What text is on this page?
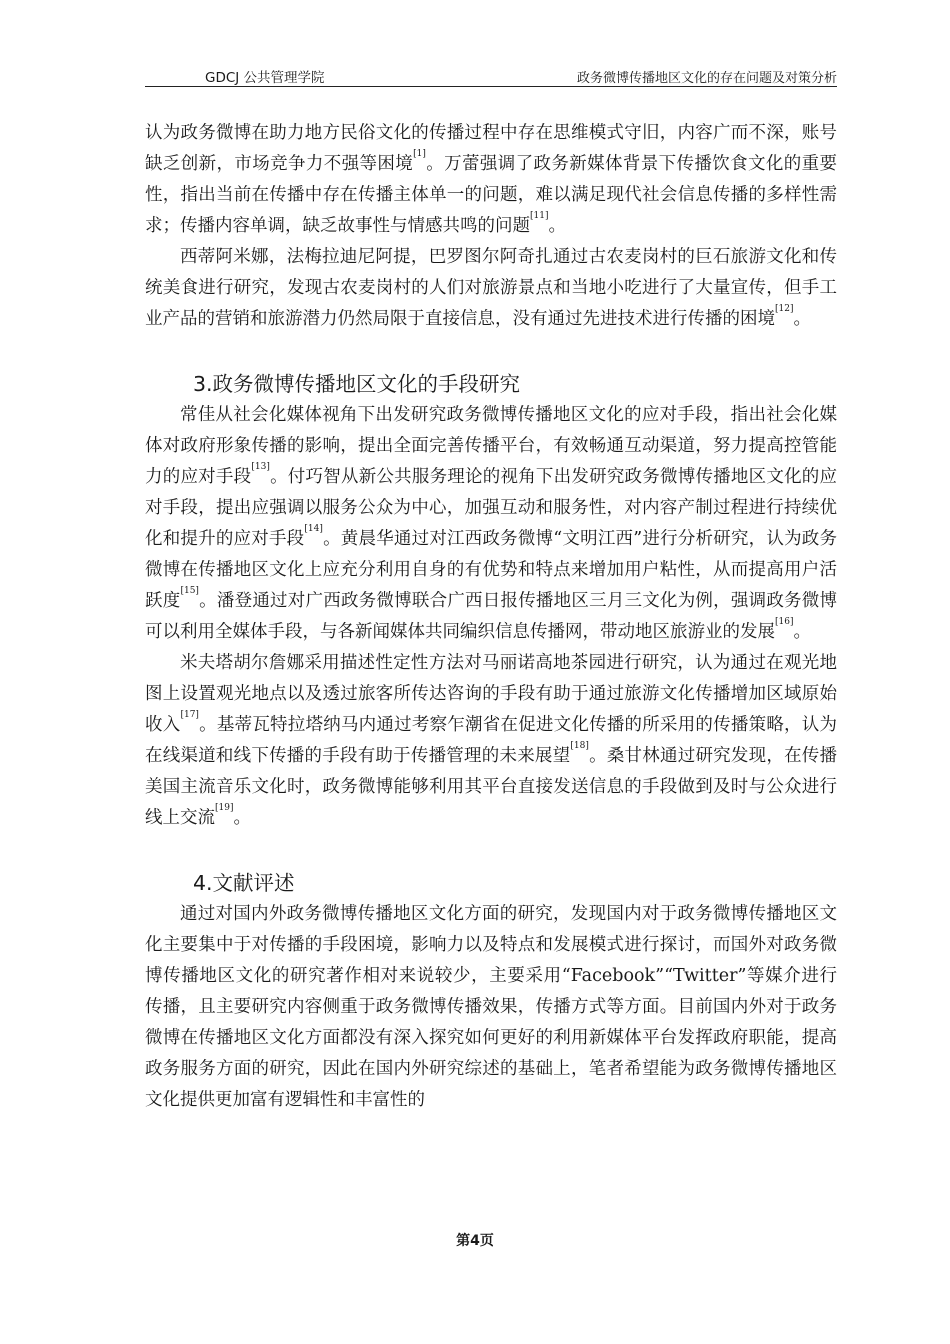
GDCJ 公共管理学院	政务微博传播地区文化的存在问题及对策分析

认为政务微博在助力地方民俗文化的传播过程中存在思维模式守旧，内容广而不深，账号缺乏创新，市场竞争力不强等困境[1]。万蕾强调了政务新媒体背景下传播饮食文化的重要性，指出当前在传播中存在传播主体单一的问题，难以满足现代社会信息传播的多样性需求；传播内容单调，缺乏故事性与情感共鸣的问题[11]。

西蒂阿米娜，法梅拉迪尼阿提，巴罗图尔阿奇扎通过古农麦岗村的巨石旅游文化和传统美食进行研究，发现古农麦岗村的人们对旅游景点和当地小吃进行了大量宣传，但手工业产品的营销和旅游潜力仍然局限于直接信息，没有通过先进技术进行传播的困境[12]。

3.政务微博传播地区文化的手段研究

常佳从社会化媒体视角下出发研究政务微博传播地区文化的应对手段，指出社会化媒体对政府形象传播的影响，提出全面完善传播平台，有效畅通互动渠道，努力提高控管能力的应对手段[13]。付巧智从新公共服务理论的视角下出发研究政务微博传播地区文化的应对手段，提出应强调以服务公众为中心，加强互动和服务性，对内容产制过程进行持续优化和提升的应对手段[14]。黄晨华通过对江西政务微博“文明江西”进行分析研究，认为政务微博在传播地区文化上应充分利用自身的有优势和特点来增加用户粘性，从而提高用户活跃度[15]。潘登通过对广西政务微博联合广西日报传播地区三月三文化为例，强调政务微博可以利用全媒体手段，与各新闻媒体共同编织信息传播网，带动地区旅游业的发展[16]。

米夫塔胡尔詹娜采用描述性定性方法对马丽诺高地茶园进行研究，认为通过在观光地图上设置观光地点以及透过旅客所传达咨询的手段有助于通过旅游文化传播增加区域原始收入[17]。基蒂瓦特拉塔纳马内通过考察乍潮省在促进文化传播的所采用的传播策略，认为在线渠道和线下传播的手段有助于传播管理的未来展望[18]。桑甘林通过研究发现，在传播美国主流音乐文化时，政务微博能够利用其平台直接发送信息的手段做到及时与公众进行线上交流[19]。

4.文献评述

通过对国内外政务微博传播地区文化方面的研究，发现国内对于政务微博传播地区文化主要集中于对传播的手段困境，影响力以及特点和发展模式进行探讨，而国外对政务微博传播地区文化的研究著作相对来说较少，主要采用“Facebook”“Twitter”等媒介进行传播，且主要研究内容侧重于政务微博传播效果，传播方式等方面。目前国内外对于政务微博在传播地区文化方面都没有深入探究如何更好的利用新媒体平台发挥政府职能，提高政务服务方面的研究，因此在国内外研究综述的基础上，笔者希望能为政务微博传播地区文化提供更加富有逻辑性和丰富性的

第4页
